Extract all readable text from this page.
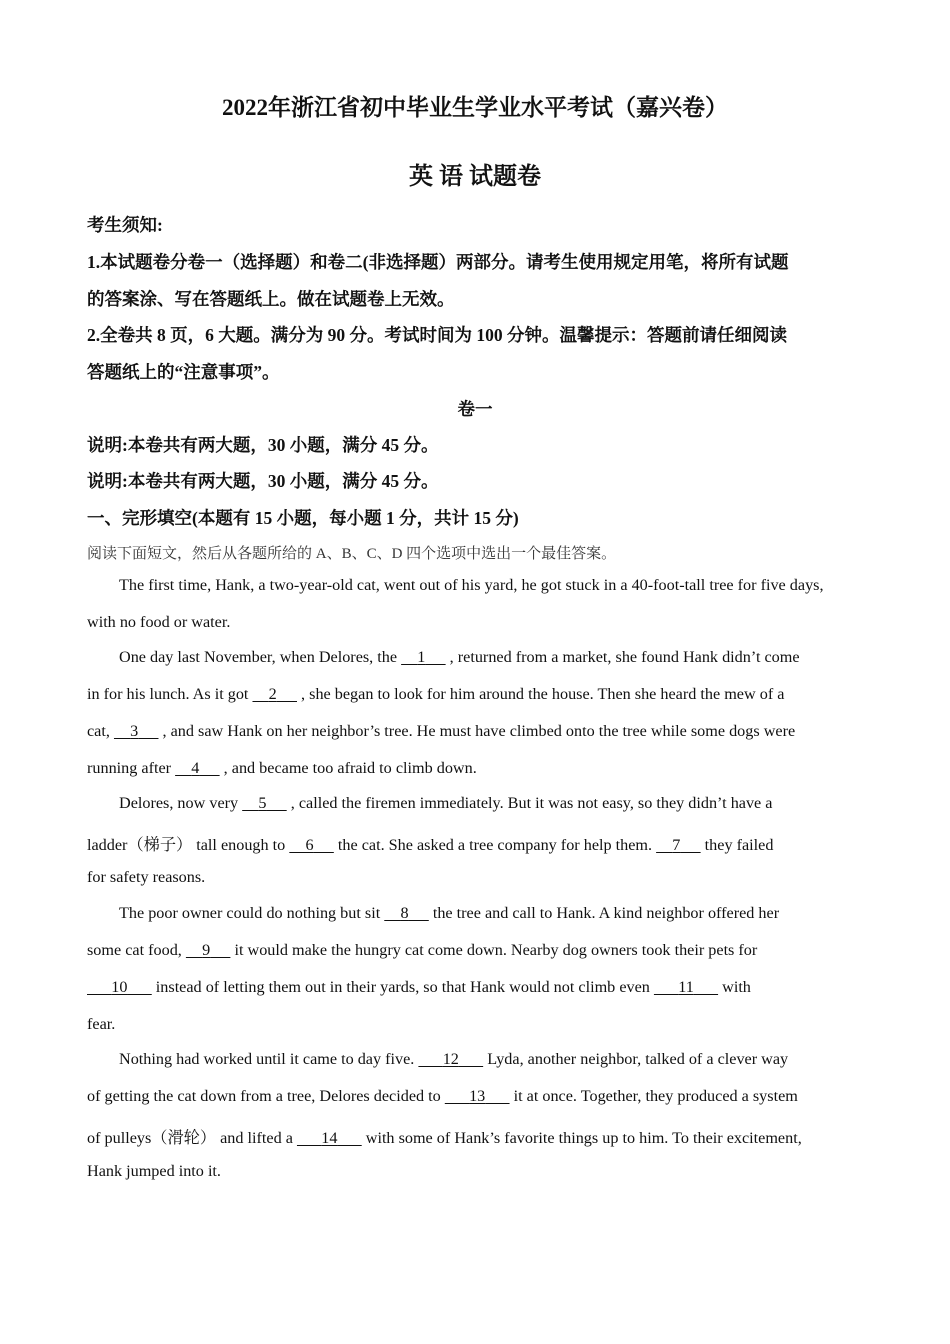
2022年浙江省初中毕业生学业水平考试（嘉兴卷）
英 语 试题卷

考生须知:

1.本试题卷分卷一（选择题）和卷二(非选择题）两部分。请考生使用规定用笔，将所有试题

的答案涂、写在答题纸上。做在试题卷上无效。

2.全卷共 8 页，6 大题。满分为 90 分。考试时间为 100 分钟。温馨提示：答题前请任细阅读

答题纸上的“注意事项”。

卷一

说明:本卷共有两大题，30 小题，满分 45 分。

说明:本卷共有两大题，30 小题，满分 45 分。

一、完形填空(本题有 15 小题，每小题 1 分，共计 15 分)

阅读下面短文，然后从各题所给的 A、B、C、D 四个选项中选出一个最佳答案。

The first time, Hank, a two-year-old cat, went out of his yard, he got stuck in a 40-foot-tall tree for five days,

with no food or water.

One day last November, when Delores, the     1      , returned from a market, she found Hank didn’t come

in for his lunch. As it got     2      , she began to look for him around the house. Then she heard the mew of a

cat,     3      , and saw Hank on her neighbor’s tree. He must have climbed onto the tree while some dogs were

running after     4      , and became too afraid to climb down.

Delores, now very     5      , called the firemen immediately. But it was not easy, so they didn’t have a

ladder（梯子） tall enough to     6      the cat. She asked a tree company for help them.     7      they failed

for safety reasons.

The poor owner could do nothing but sit     8      the tree and call to Hank. A kind neighbor offered her

some cat food,     9      it would make the hungry cat come down. Nearby dog owners took their pets for

10       instead of letting them out in their yards, so that Hank would not climb even       11       with

fear.

Nothing had worked until it came to day five.       12       Lyda, another neighbor, talked of a clever way

of getting the cat down from a tree, Delores decided to       13       it at once. Together, they produced a system

of pulleys（滑轮） and lifted a       14       with some of Hank’s favorite things up to him. To their excitement,

Hank jumped into it.
